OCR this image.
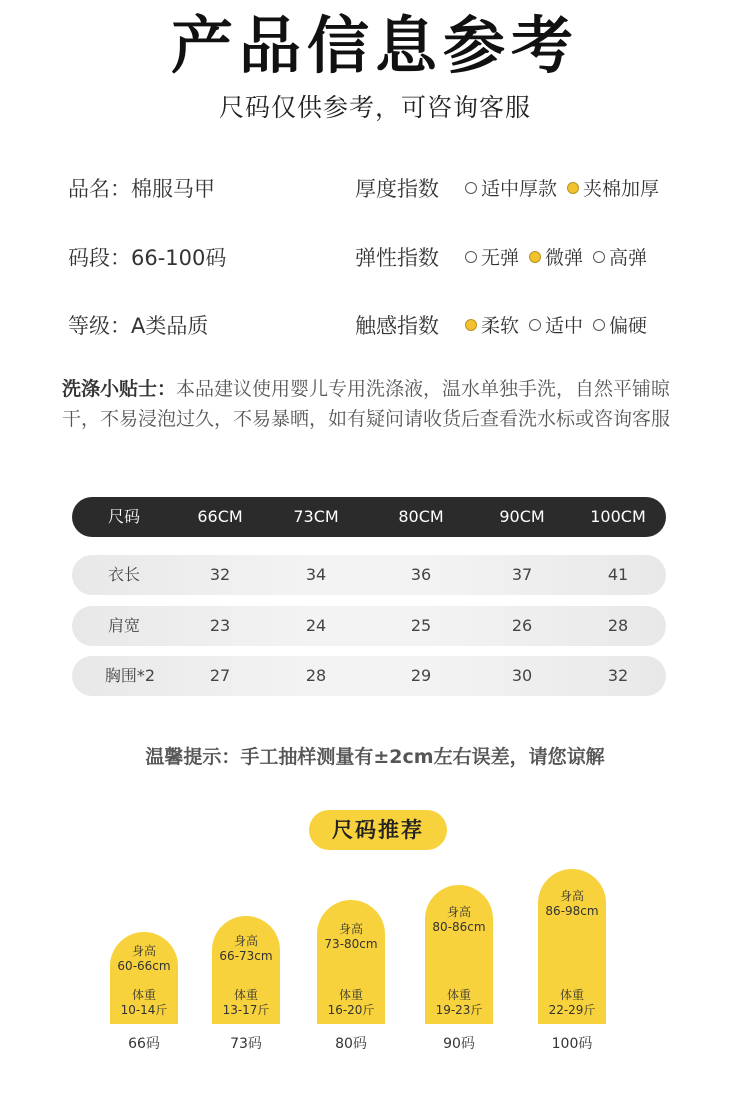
产品信息参考
尺码仅供参考，可咨询客服
品名：棉服马甲	厚度指数 适中厚款 夹棉加厚
码段：66-100码	弹性指数 无弹 微弹 高弹
等级：A类品质	触感指数 柔软 适中 偏硬
洗涤小贴士：本品建议使用婴儿专用洗涤液，温水单独手洗，自然平铺晾干，不易浸泡过久，不易暴晒，如有疑问请收货后查看洗水标或咨询客服
尺码	66CM	73CM	80CM	90CM	100CM
衣长	32	34	36	37	41
肩宽	23	24	25	26	28
胸围*2	27	28	29	30	32
温馨提示：手工抽样测量有±2cm左右误差，请您谅解
尺码推荐
身高
60-66cm
体重
10-14斤
66码
身高
66-73cm
体重
13-17斤
73码
身高
73-80cm
体重
16-20斤
80码
身高
80-86cm
体重
19-23斤
90码
身高
86-98cm
体重
22-29斤
100码
